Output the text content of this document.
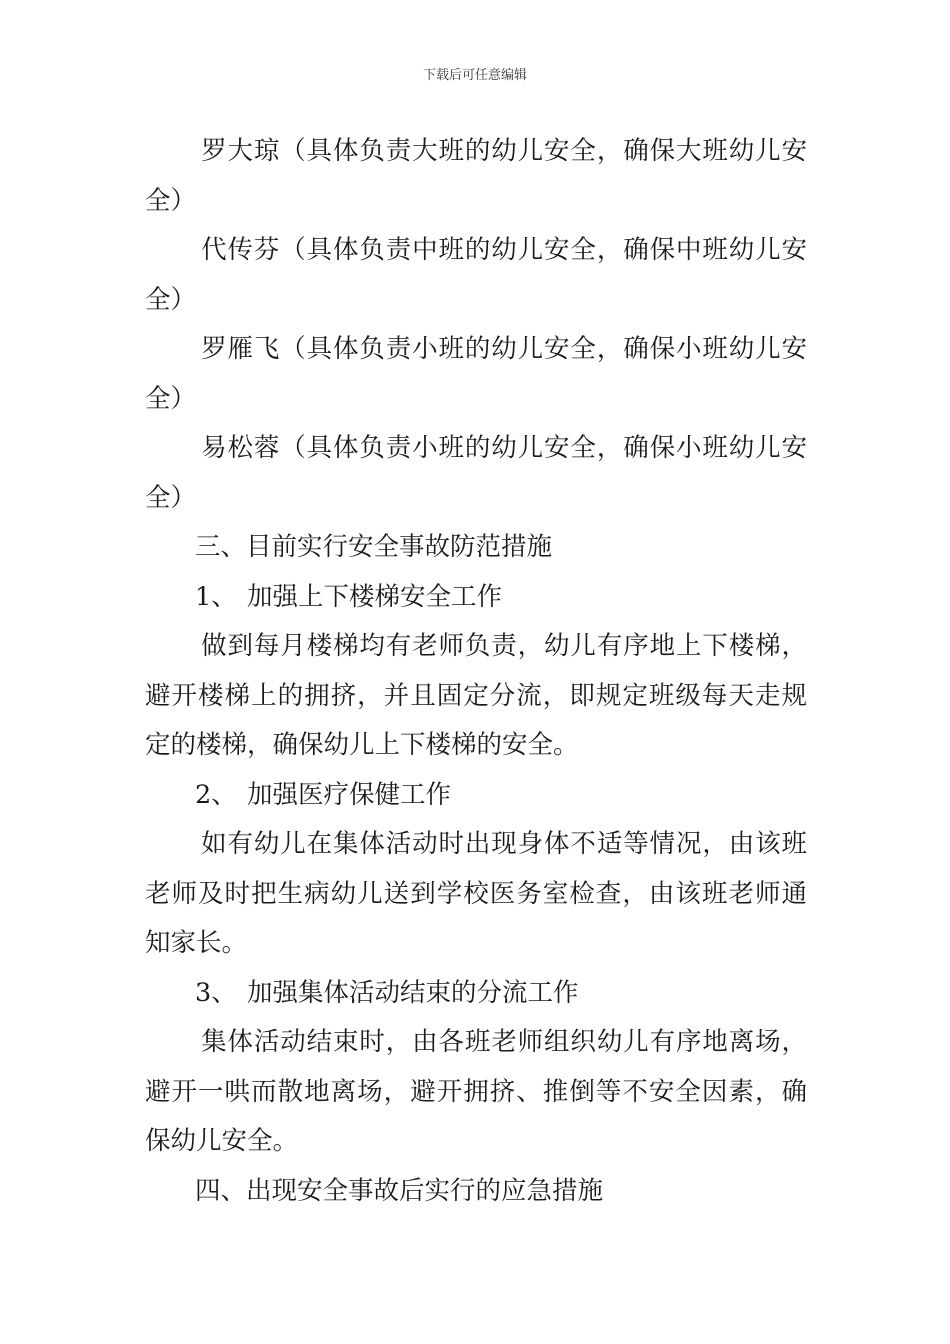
下载后可任意编辑

罗大琼（具体负责大班的幼儿安全，确保大班幼儿安全）

代传芬（具体负责中班的幼儿安全，确保中班幼儿安全）

罗雁飞（具体负责小班的幼儿安全，确保小班幼儿安全）

易松蓉（具体负责小班的幼儿安全，确保小班幼儿安全）

三、目前实行安全事故防范措施

1、 加强上下楼梯安全工作

做到每月楼梯均有老师负责，幼儿有序地上下楼梯，避开楼梯上的拥挤，并且固定分流，即规定班级每天走规定的楼梯，确保幼儿上下楼梯的安全。

2、 加强医疗保健工作

如有幼儿在集体活动时出现身体不适等情况，由该班老师及时把生病幼儿送到学校医务室检查，由该班老师通知家长。

3、 加强集体活动结束的分流工作

集体活动结束时，由各班老师组织幼儿有序地离场，避开一哄而散地离场，避开拥挤、推倒等不安全因素，确保幼儿安全。

四、出现安全事故后实行的应急措施
